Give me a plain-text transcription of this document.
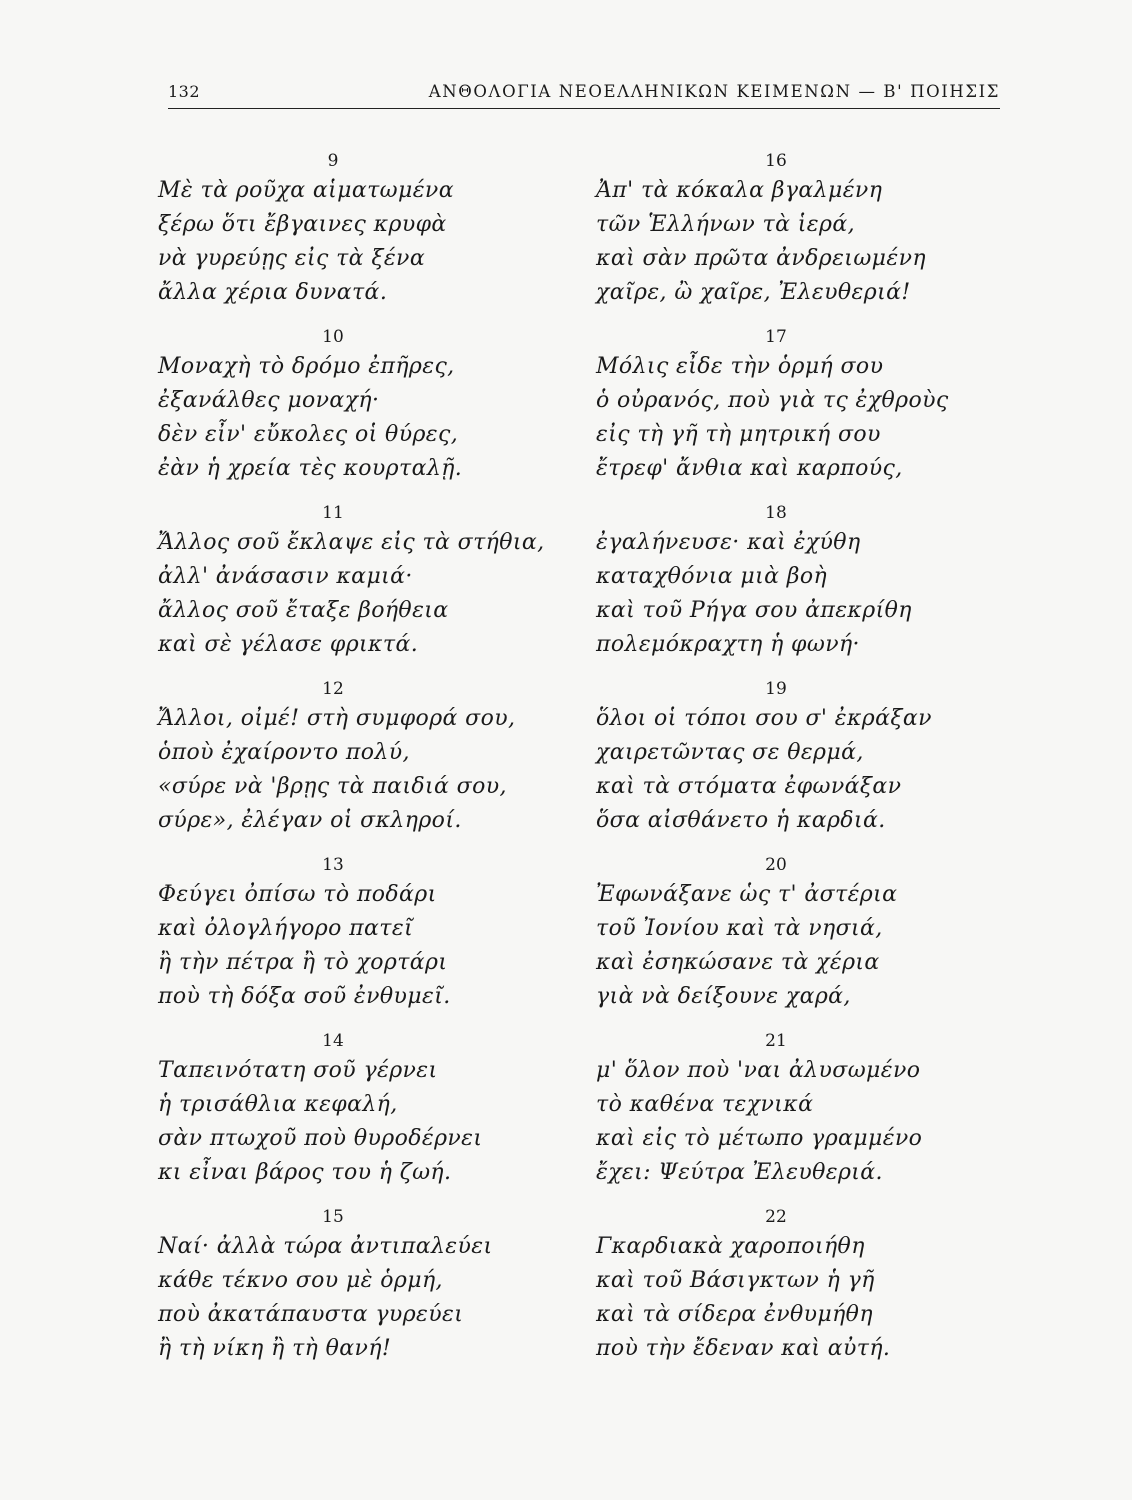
132	ΑΝΘΟΛΟΓΙΑ ΝΕΟΕΛΛΗΝΙΚΩΝ ΚΕΙΜΕΝΩΝ — Β' ΠΟΙΗΣΙΣ
9
Μὲ τὰ ροῦχα αἱματωμένα
ξέρω ὅτι ἔβγαινες κρυφὰ
νὰ γυρεύῃς εἰς τὰ ξένα
ἄλλα χέρια δυνατά.
10
Μοναχὴ τὸ δρόμο ἐπῆρες,
ἐξανάλθες μοναχή·
δὲν εἶν' εὔκολες οἱ θύρες,
ἐὰν ἡ χρεία τὲς κουρταλῇ.
11
Ἄλλος σοῦ ἔκλαψε εἰς τὰ στήθια,
ἀλλ' ἀνάσασιν καμιά·
ἄλλος σοῦ ἔταξε βοήθεια
καὶ σὲ γέλασε φρικτά.
12
Ἄλλοι, οἰμέ! στὴ συμφορά σου,
ὁποὺ ἐχαίροντο πολύ,
«σύρε νὰ 'βρῃς τὰ παιδιά σου,
σύρε», ἐλέγαν οἱ σκληροί.
13
Φεύγει ὀπίσω τὸ ποδάρι
καὶ ὀλογλήγορο πατεῖ
ἢ τὴν πέτρα ἢ τὸ χορτάρι
ποὺ τὴ δόξα σοῦ ἐνθυμεῖ.
14
Ταπεινότατη σοῦ γέρνει
ἡ τρισάθλια κεφαλή,
σὰν πτωχοῦ ποὺ θυροδέρνει
κι εἶναι βάρος του ἡ ζωή.
15
Ναί· ἀλλὰ τώρα ἀντιπαλεύει
κάθε τέκνο σου μὲ ὁρμή,
ποὺ ἀκατάπαυστα γυρεύει
ἢ τὴ νίκη ἢ τὴ θανή!
16
Ἀπ' τὰ κόκαλα βγαλμένη
τῶν Ἑλλήνων τὰ ἱερά,
καὶ σὰν πρῶτα ἀνδρειωμένη
χαῖρε, ὢ χαῖρε, Ἐλευθεριά!
17
Μόλις εἶδε τὴν ὁρμή σου
ὁ οὐρανός, ποὺ γιὰ τς ἐχθροὺς
εἰς τὴ γῆ τὴ μητρική σου
ἔτρεφ' ἄνθια καὶ καρπούς,
18
ἐγαλήνευσε· καὶ ἐχύθη
καταχθόνια μιὰ βοὴ
καὶ τοῦ Ρήγα σου ἀπεκρίθη
πολεμόκραχτη ἡ φωνή·
19
ὅλοι οἱ τόποι σου σ' ἐκράξαν
χαιρετῶντας σε θερμά,
καὶ τὰ στόματα ἐφωνάξαν
ὅσα αἰσθάνετο ἡ καρδιά.
20
Ἐφωνάξανε ὡς τ' ἀστέρια
τοῦ Ἰονίου καὶ τὰ νησιά,
καὶ ἐσηκώσανε τὰ χέρια
γιὰ νὰ δείξουνε χαρά,
21
μ' ὅλον ποὺ 'ναι ἀλυσωμένο
τὸ καθένα τεχνικά
καὶ εἰς τὸ μέτωπο γραμμένο
ἔχει: Ψεύτρα Ἐλευθεριά.
22
Γκαρδιακὰ χαροποιήθη
καὶ τοῦ Βάσιγκτων ἡ γῆ
καὶ τὰ σίδερα ἐνθυμήθη
ποὺ τὴν ἔδεναν καὶ αὐτή.
